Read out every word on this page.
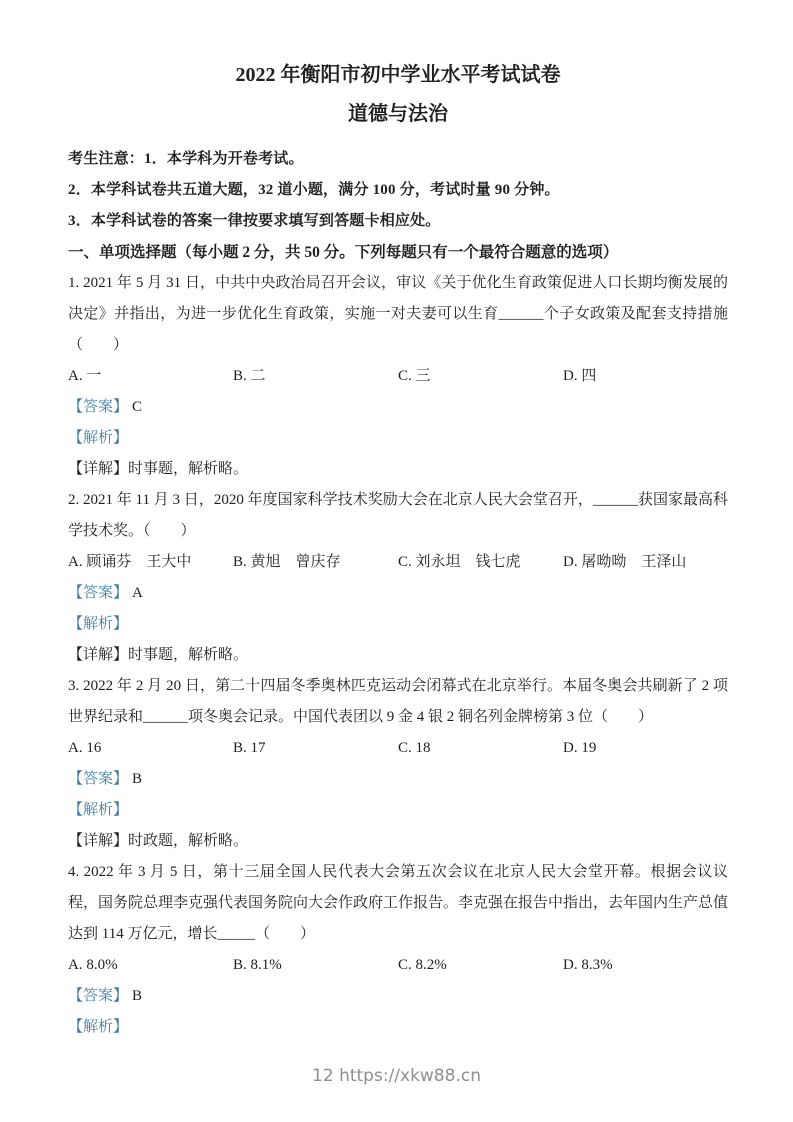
2022 年衡阳市初中学业水平考试试卷
道德与法治

考生注意：1．本学科为开卷考试。

2．本学科试卷共五道大题，32 道小题，满分 100 分，考试时量 90 分钟。

3．本学科试卷的答案一律按要求填写到答题卡相应处。

一、单项选择题（每小题 2 分，共 50 分。下列每题只有一个最符合题意的选项）

1. 2021 年 5 月 31 日，中共中央政治局召开会议，审议《关于优化生育政策促进人口长期均衡发展的决定》并指出，为进一步优化生育政策，实施一对夫妻可以生育______个子女政策及配套支持措施（　　）

A. 一	B. 二	C. 三	D. 四

【答案】 C

【解析】

【详解】时事题，解析略。

2. 2021 年 11 月 3 日，2020 年度国家科学技术奖励大会在北京人民大会堂召开，______获国家最高科学技术奖。（　　）

A. 顾诵芬　王大中	B. 黄旭　曾庆存	C. 刘永坦　钱七虎	D. 屠呦呦　王泽山

【答案】 A

【解析】

【详解】时事题，解析略。

3. 2022 年 2 月 20 日，第二十四届冬季奥林匹克运动会闭幕式在北京举行。本届冬奥会共刷新了 2 项世界纪录和______项冬奥会记录。中国代表团以 9 金 4 银 2 铜名列金牌榜第 3 位（　　）

A. 16	B. 17	C. 18	D. 19

【答案】 B

【解析】

【详解】时政题，解析略。

4. 2022 年 3 月 5 日，第十三届全国人民代表大会第五次会议在北京人民大会堂开幕。根据会议议程，国务院总理李克强代表国务院向大会作政府工作报告。李克强在报告中指出，去年国内生产总值达到 114 万亿元，增长_____（　　）

A. 8.0%	B. 8.1%	C. 8.2%	D. 8.3%

【答案】 B

【解析】

12 https://xkw88.cn
